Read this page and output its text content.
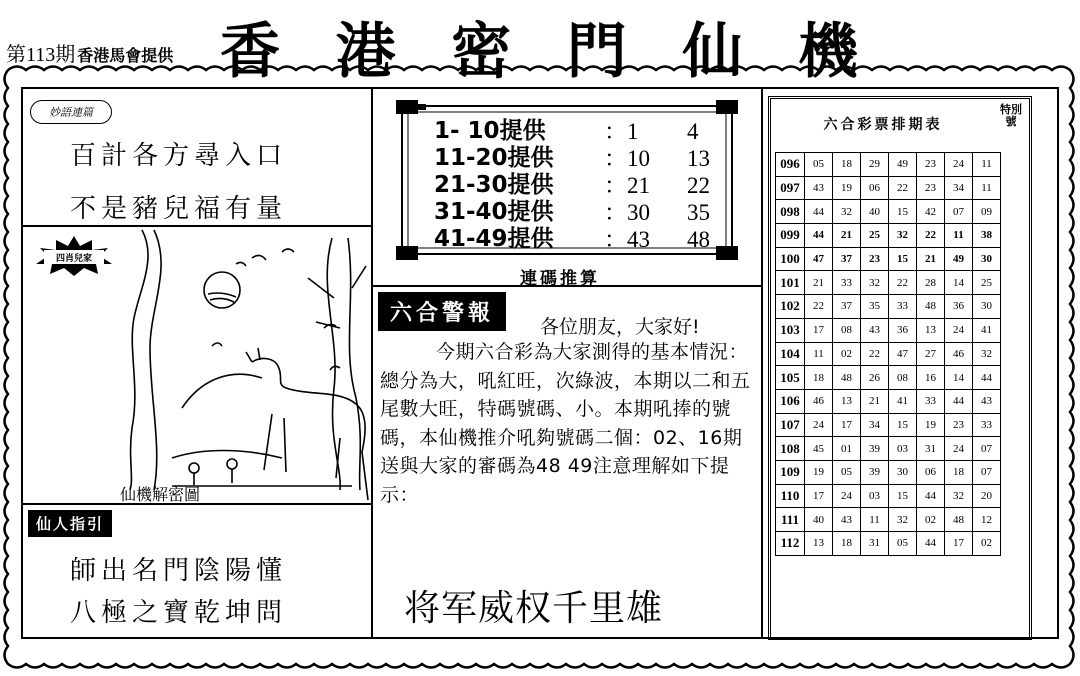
第113期 香港馬會提供 香 港 密 門 仙 機
妙語連篇
百計各方尋入口
不是豬兒福有量
四肖兒家
仙機解密圖
仙人指引
師出名門陰陽懂
八極之寶乾坤問
1- 10提供	：1 4
11-20提供	：10 13
21-30提供	：21 22
31-40提供	：30 35
41-49提供	：43 48
連碼推算
六合警報
各位朋友，大家好!
今期六合彩為大家測得的基本情況：總分為大，吼紅旺，次綠波，本期以二和五尾數大旺，特碼號碼、小。本期吼捧的號碼，本仙機推介吼夠號碼二個：02、16期送與大家的審碼為48 49注意理解如下提示：
将军威权千里雄
六合彩票排期表
特別號
096	05	18	29	49	23	24	11
097	43	19	06	22	23	34	11
098	44	32	40	15	42	07	09
099	44	21	25	32	22	11	38
100	47	37	23	15	21	49	30
101	21	33	32	22	28	14	25
102	22	37	35	33	48	36	30
103	17	08	43	36	13	24	41
104	11	02	22	47	27	46	32
105	18	48	26	08	16	14	44
106	46	13	21	41	33	44	43
107	24	17	34	15	19	23	33
108	45	01	39	03	31	24	07
109	19	05	39	30	06	18	07
110	17	24	03	15	44	32	20
111	40	43	11	32	02	48	12
112	13	18	31	05	44	17	02
